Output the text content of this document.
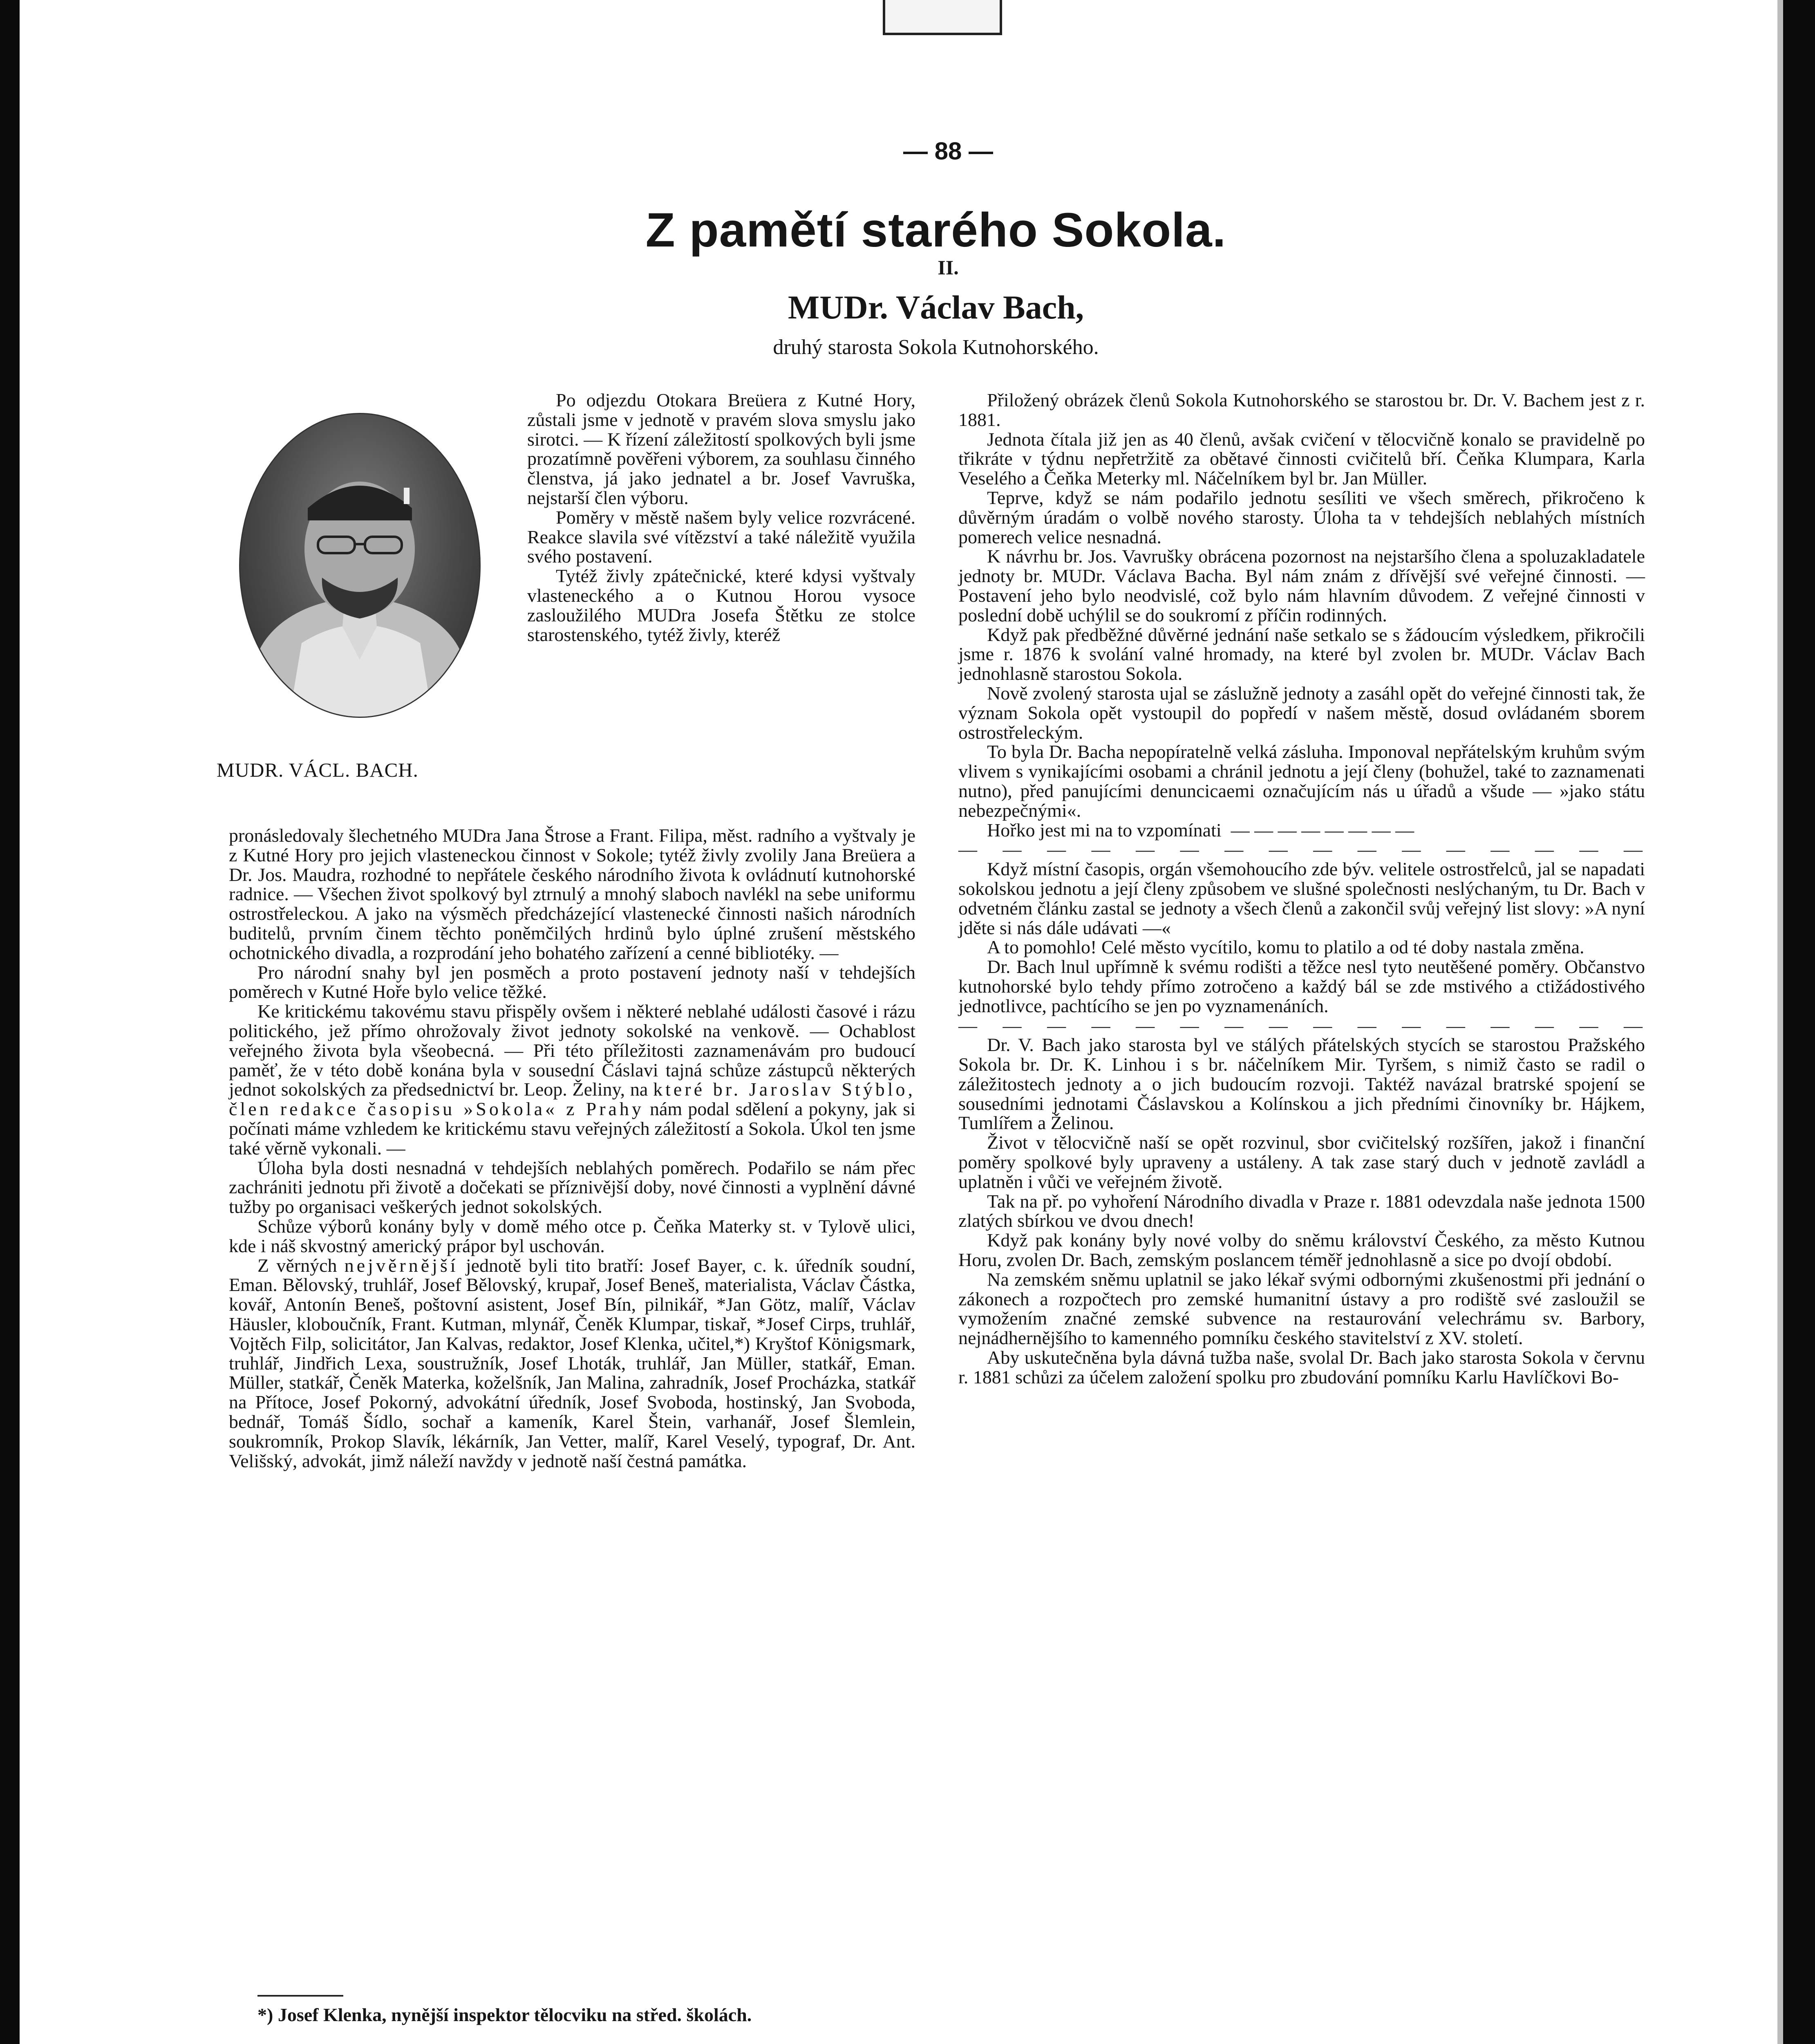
— 88 —
Z pamětí starého Sokola.
II.
MUDr. Václav Bach,
druhý starosta Sokola Kutnohorského.
MUDR. VÁCL. BACH.

Po odjezdu Otokara Breüera z Kutné Hory, zůstali jsme v jednotě v pravém slova smyslu jako sirotci. — K řízení záležitostí spolkových byli jsme prozatímně pověřeni výborem, za souhlasu činného členstva, já jako jednatel a br. Josef Vavruška, nejstarší člen výboru.

Poměry v městě našem byly velice rozvrácené. Reakce slavila své vítězství a také náležitě využila svého postavení.

Tytéž živly zpátečnické, které kdysi vyštvaly vlasteneckého a o Kutnou Horou vysoce zasloužilého MUDra Josefa Štětku ze stolce starostenského, tytéž živly, kteréž

pronásledovaly šlechetného MUDra Jana Štrose a Frant. Filipa, měst. radního a vyštvaly je z Kutné Hory pro jejich vlasteneckou činnost v Sokole; tytéž živly zvolily Jana Breüera a Dr. Jos. Maudra, rozhodné to nepřátele českého národního života k ovládnutí kutnohorské radnice. — Všechen život spolkový byl ztrnulý a mnohý slaboch navlékl na sebe uniformu ostrostřeleckou. A jako na výsměch předcházející vlastenecké činnosti našich národních buditelů, prvním činem těchto poněmčilých hrdinů bylo úplné zrušení městského ochotnického divadla, a rozprodání jeho bohatého zařízení a cenné bibliotéky. —

Pro národní snahy byl jen posměch a proto postavení jednoty naší v tehdejších poměrech v Kutné Hoře bylo velice těžké.

Ke kritickému takovému stavu přispěly ovšem i některé neblahé události časové i rázu politického, jež přímo ohrožovaly život jednoty sokolské na venkově. — Ochablost veřejného života byla všeobecná. — Při této příležitosti zaznamenávám pro budoucí paměť, že v této době konána byla v sousední Čáslavi tajná schůze zástupců některých jednot sokolských za předsednictví br. Leop. Želiny, na které br. Jaroslav Stýblo, člen redakce časopisu »Sokola« z Prahy nám podal sdělení a pokyny, jak si počínati máme vzhledem ke kritickému stavu veřejných záležitostí a Sokola. Úkol ten jsme také věrně vykonali. —

Úloha byla dosti nesnadná v tehdejších neblahých poměrech. Podařilo se nám přec zachrániti jednotu při životě a dočekati se příznivější doby, nové činnosti a vyplnění dávné tužby po organisaci veškerých jednot sokolských.

Schůze výborů konány byly v domě mého otce p. Čeňka Materky st. v Tylově ulici, kde i náš skvostný americký prápor byl uschován.

Z věrných nejvěrnější jednotě byli tito bratří: Josef Bayer, c. k. úředník soudní, Eman. Bělovský, truhlář, Josef Bělovský, krupař, Josef Beneš, materialista, Václav Částka, kovář, Antonín Beneš, poštovní asistent, Josef Bín, pilnikář, *Jan Götz, malíř, Václav Häusler, kloboučník, Frant. Kutman, mlynář, Čeněk Klumpar, tiskař, *Josef Cirps, truhlář, Vojtěch Filp, solicitátor, Jan Kalvas, redaktor, Josef Klenka, učitel,*) Kryštof Königsmark, truhlář, Jindřich Lexa, soustružník, Josef Lhoták, truhlář, Jan Müller, statkář, Eman. Müller, statkář, Čeněk Materka, koželšník, Jan Malina, zahradník, Josef Procházka, statkář na Přítoce, Josef Pokorný, advokátní úředník, Josef Svoboda, hostinský, Jan Svoboda, bednář, Tomáš Šídlo, sochař a kameník, Karel Štein, varhanář, Josef Šlemlein, soukromník, Prokop Slavík, lékárník, Jan Vetter, malíř, Karel Veselý, typograf, Dr. Ant. Velišský, advokát, jimž náleží navždy v jednotě naší čestná památka.

*) Josef Klenka, nynější inspektor tělocviku na střed. školách.

Přiložený obrázek členů Sokola Kutnohorského se starostou br. Dr. V. Bachem jest z r. 1881.

Jednota čítala již jen as 40 členů, avšak cvičení v tělocvičně konalo se pravidelně po třikráte v týdnu nepřetržitě za obětavé činnosti cvičitelů bří. Čeňka Klumpara, Karla Veselého a Čeňka Meterky ml. Náčelníkem byl br. Jan Müller.

Teprve, když se nám podařilo jednotu sesíliti ve všech směrech, přikročeno k důvěrným úradám o volbě nového starosty. Úloha ta v tehdejších neblahých místních pomerech velice nesnadná.

K návrhu br. Jos. Vavrušky obrácena pozornost na nejstaršího člena a spoluzakladatele jednoty br. MUDr. Václava Bacha. Byl nám znám z dřívější své veřejné činnosti. — Postavení jeho bylo neodvislé, což bylo nám hlavním důvodem. Z veřejné činnosti v poslední době uchýlil se do soukromí z příčin rodinných.

Když pak předběžné důvěrné jednání naše setkalo se s žádoucím výsledkem, přikročili jsme r. 1876 k svolání valné hromady, na které byl zvolen br. MUDr. Václav Bach jednohlasně starostou Sokola.

Nově zvolený starosta ujal se záslužně jednoty a zasáhl opět do veřejné činnosti tak, že význam Sokola opět vystoupil do popředí v našem městě, dosud ovládaném sborem ostrostřeleckým.

To byla Dr. Bacha nepopíratelně velká zásluha. Imponoval nepřátelským kruhům svým vlivem s vynikajícími osobami a chránil jednotu a její členy (bohužel, také to zaznamenati nutno), před panujícími denuncicaemi označujícím nás u úřadů a všude — »jako státu nebezpečnými«.

Hořko jest mi na to vzpomínati  — — — — — — — —

— — — — — — — — — — — — — — — —

Když místní časopis, orgán všemohoucího zde býv. velitele ostrostřelců, jal se napadati sokolskou jednotu a její členy způsobem ve slušné společnosti neslýchaným, tu Dr. Bach v odvetném článku zastal se jednoty a všech členů a zakončil svůj veřejný list slovy: »A nyní jděte si nás dále udávati —«

A to pomohlo! Celé město vycítilo, komu to platilo a od té doby nastala změna.

Dr. Bach lnul upřímně k svému rodišti a těžce nesl tyto neutěšené poměry. Občanstvo kutnohorské bylo tehdy přímo zotročeno a každý bál se zde mstivého a ctižádostivého jednotlivce, pachtícího se jen po vyznamenáních.

— — — — — — — — — — — — — — — —

Dr. V. Bach jako starosta byl ve stálých přátelských stycích se starostou Pražského Sokola br. Dr. K. Linhou i s br. náčelníkem Mir. Tyršem, s nimiž často se radil o záležitostech jednoty a o jich budoucím rozvoji. Taktéž navázal bratrské spojení se sousedními jednotami Čáslavskou a Kolínskou a jich předními činovníky br. Hájkem, Tumlířem a Želinou.

Život v tělocvičně naší se opět rozvinul, sbor cvičitelský rozšířen, jakož i finanční poměry spolkové byly upraveny a ustáleny. A tak zase starý duch v jednotě zavládl a uplatněn i vůči ve veřejném životě.

Tak na př. po vyhoření Národního divadla v Praze r. 1881 odevzdala naše jednota 1500 zlatých sbírkou ve dvou dnech!

Když pak konány byly nové volby do sněmu království Českého, za město Kutnou Horu, zvolen Dr. Bach, zemským poslancem téměř jednohlasně a sice po dvojí období.

Na zemském sněmu uplatnil se jako lékař svými odbornými zkušenostmi při jednání o zákonech a rozpočtech pro zemské humanitní ústavy a pro rodiště své zasloužil se vymožením značné zemské subvence na restaurování velechrámu sv. Barbory, nejnádhernějšího to kamenného pomníku českého stavitelství z XV. století.

Aby uskutečněna byla dávná tužba naše, svolal Dr. Bach jako starosta Sokola v červnu r. 1881 schůzi za účelem založení spolku pro zbudování pomníku Karlu Havlíčkovi Bo-
